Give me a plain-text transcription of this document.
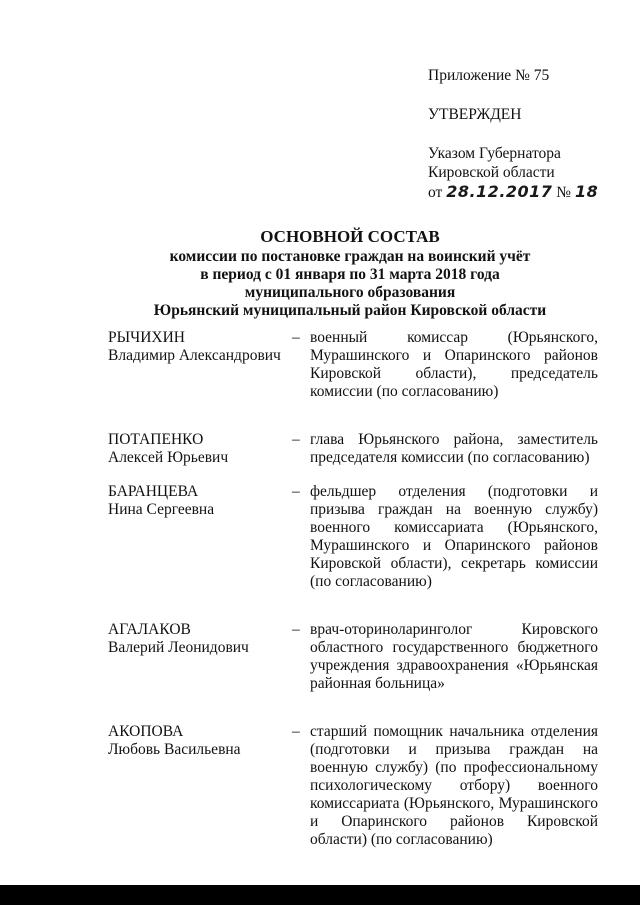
Приложение № 75
УТВЕРЖДЕН
Указом Губернатора
Кировской области
от 28.12.2017 № 18
ОСНОВНОЙ СОСТАВ
комиссии по постановке граждан на воинский учёт
в период с 01 января по 31 марта 2018 года
муниципального образования
Юрьянский муниципальный район Кировской области
РЫЧИХИН
Владимир Александрович
– военный комиссар (Юрьянского, Мурашинского и Опаринского районов Кировской области), председатель комиссии (по согласованию)
ПОТАПЕНКО
Алексей Юрьевич
– глава Юрьянского района, заместитель председателя комиссии (по согласованию)
БАРАНЦЕВА
Нина Сергеевна
– фельдшер отделения (подготовки и призыва граждан на военную службу) военного комиссариата (Юрьянского, Мурашинского и Опаринского районов Кировской области), секретарь комиссии (по согласованию)
АГАЛАКОВ
Валерий Леонидович
– врач-оториноларинголог Кировского областного государственного бюджетного учреждения здравоохранения «Юрьянская районная больница»
АКОПОВА
Любовь Васильевна
– старший помощник начальника отделения (подготовки и призыва граждан на военную службу) (по профессиональному психологическому отбору) военного комиссариата (Юрьянского, Мурашинского и Опаринского районов Кировской области) (по согласованию)
